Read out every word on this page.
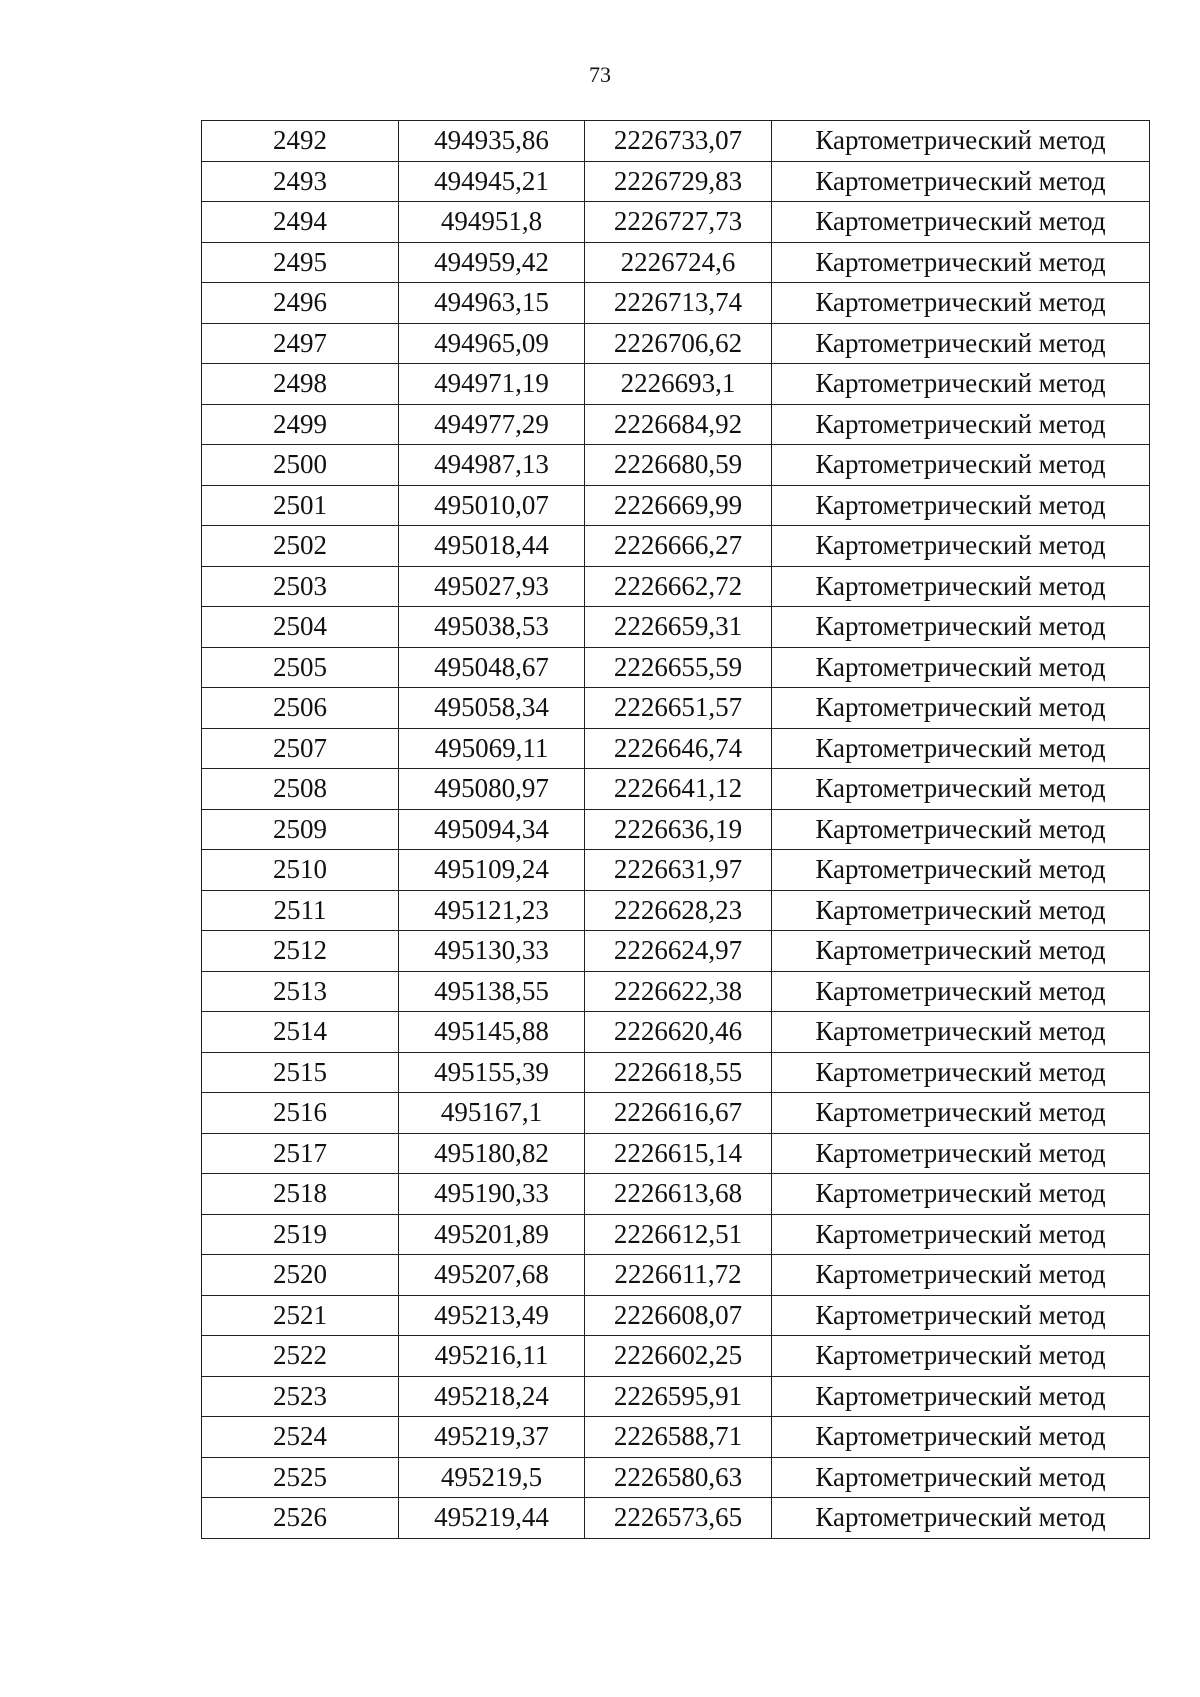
73
2492	494935,86	2226733,07	Картометрический метод
2493	494945,21	2226729,83	Картометрический метод
2494	494951,8	2226727,73	Картометрический метод
2495	494959,42	2226724,6	Картометрический метод
2496	494963,15	2226713,74	Картометрический метод
2497	494965,09	2226706,62	Картометрический метод
2498	494971,19	2226693,1	Картометрический метод
2499	494977,29	2226684,92	Картометрический метод
2500	494987,13	2226680,59	Картометрический метод
2501	495010,07	2226669,99	Картометрический метод
2502	495018,44	2226666,27	Картометрический метод
2503	495027,93	2226662,72	Картометрический метод
2504	495038,53	2226659,31	Картометрический метод
2505	495048,67	2226655,59	Картометрический метод
2506	495058,34	2226651,57	Картометрический метод
2507	495069,11	2226646,74	Картометрический метод
2508	495080,97	2226641,12	Картометрический метод
2509	495094,34	2226636,19	Картометрический метод
2510	495109,24	2226631,97	Картометрический метод
2511	495121,23	2226628,23	Картометрический метод
2512	495130,33	2226624,97	Картометрический метод
2513	495138,55	2226622,38	Картометрический метод
2514	495145,88	2226620,46	Картометрический метод
2515	495155,39	2226618,55	Картометрический метод
2516	495167,1	2226616,67	Картометрический метод
2517	495180,82	2226615,14	Картометрический метод
2518	495190,33	2226613,68	Картометрический метод
2519	495201,89	2226612,51	Картометрический метод
2520	495207,68	2226611,72	Картометрический метод
2521	495213,49	2226608,07	Картометрический метод
2522	495216,11	2226602,25	Картометрический метод
2523	495218,24	2226595,91	Картометрический метод
2524	495219,37	2226588,71	Картометрический метод
2525	495219,5	2226580,63	Картометрический метод
2526	495219,44	2226573,65	Картометрический метод
